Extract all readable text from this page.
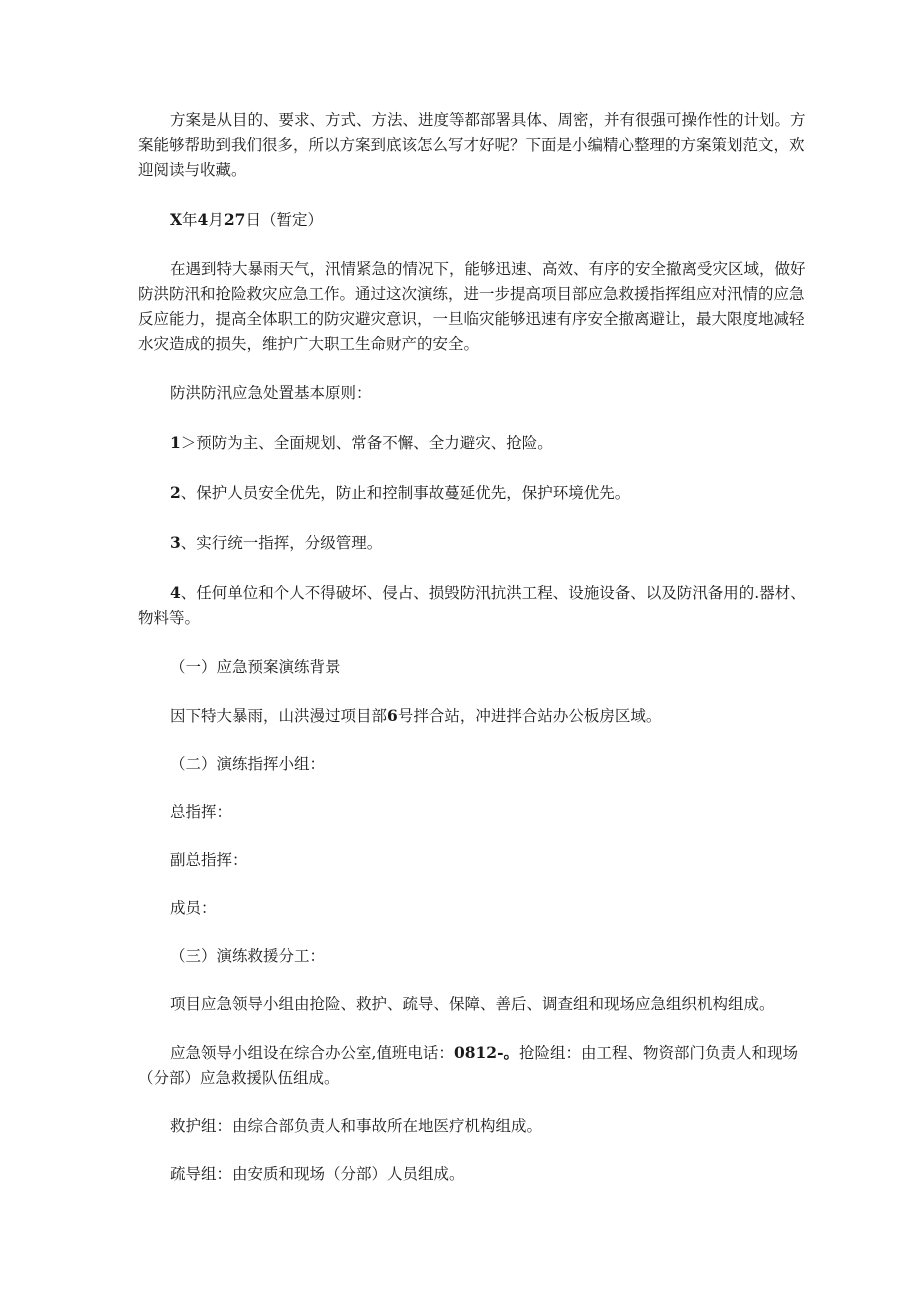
方案是从目的、要求、方式、方法、进度等都部署具体、周密，并有很强可操作性的计划。方案能够帮助到我们很多，所以方案到底该怎么写才好呢？下面是小编精心整理的方案策划范文，欢迎阅读与收藏。

X年4月27日（暂定）

在遇到特大暴雨天气，汛情紧急的情况下，能够迅速、高效、有序的安全撤离受灾区域，做好防洪防汛和抢险救灾应急工作。通过这次演练，进一步提高项目部应急救援指挥组应对汛情的应急反应能力，提高全体职工的防灾避灾意识，一旦临灾能够迅速有序安全撤离避让，最大限度地减轻水灾造成的损失，维护广大职工生命财产的安全。

防洪防汛应急处置基本原则：

1＞预防为主、全面规划、常备不懈、全力避灾、抢险。

2、保护人员安全优先，防止和控制事故蔓延优先，保护环境优先。

3、实行统一指挥，分级管理。

4、任何单位和个人不得破坏、侵占、损毁防汛抗洪工程、设施设备、以及防汛备用的.器材、物料等。

（一）应急预案演练背景

因下特大暴雨，山洪漫过项目部6号拌合站，冲进拌合站办公板房区域。

（二）演练指挥小组：

总指挥：

副总指挥：

成员：

（三）演练救援分工：

项目应急领导小组由抢险、救护、疏导、保障、善后、调查组和现场应急组织机构组成。

应急领导小组设在综合办公室,值班电话：0812-。抢险组：由工程、物资部门负责人和现场（分部）应急救援队伍组成。

救护组：由综合部负责人和事故所在地医疗机构组成。

疏导组：由安质和现场（分部）人员组成。
